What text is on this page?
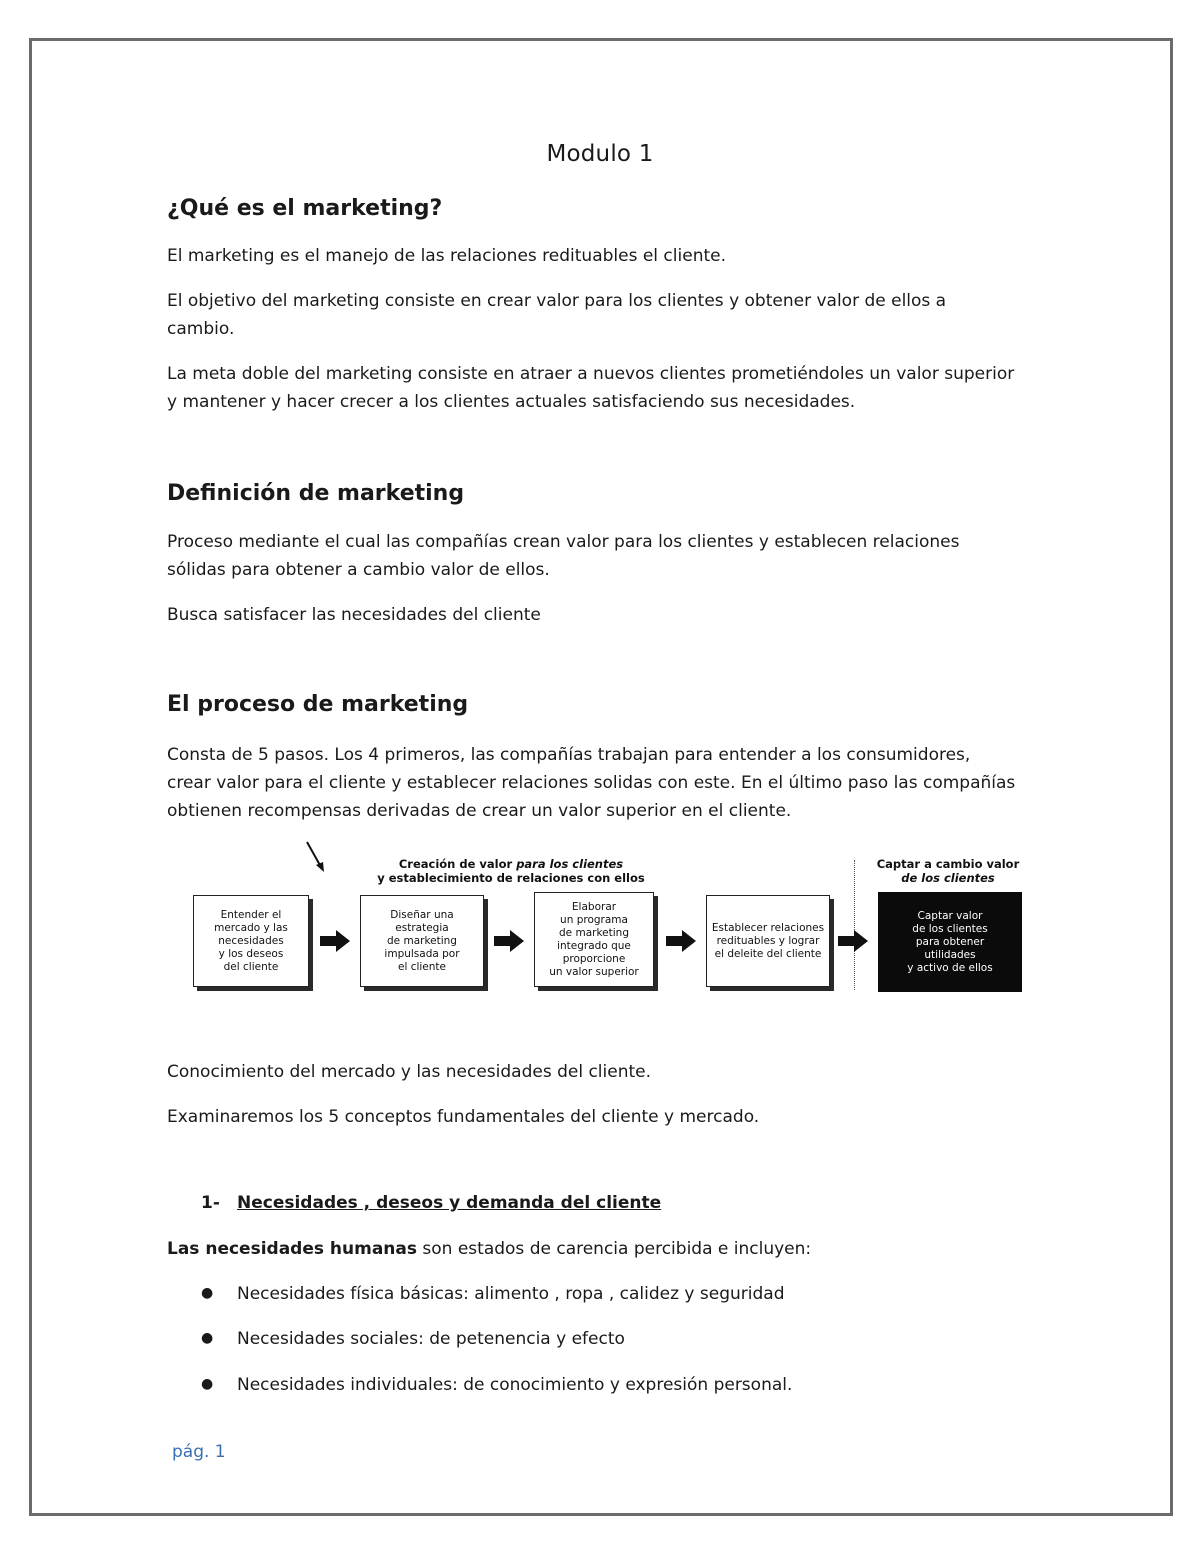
Modulo 1
¿Qué es el marketing?
El marketing es el manejo de las relaciones redituables el cliente.
El objetivo del marketing consiste en crear valor para los clientes y obtener valor de ellos a
cambio.
La meta doble del marketing consiste en atraer a nuevos clientes prometiéndoles un valor superior
y mantener y hacer crecer a los clientes actuales satisfaciendo sus necesidades.
Definición de marketing
Proceso mediante el cual las compañías crean valor para los clientes y establecen relaciones
sólidas para obtener a cambio valor de ellos.
Busca satisfacer las necesidades del cliente
El proceso de marketing
Consta de 5 pasos. Los 4 primeros, las compañías trabajan para entender a los consumidores,
crear valor para el cliente y establecer relaciones solidas con este. En el último paso las compañías
obtienen recompensas derivadas de crear un valor superior en el cliente.
Conocimiento del mercado y las necesidades del cliente.
Examinaremos los 5 conceptos fundamentales del cliente y mercado.
1- Necesidades , deseos y demanda del cliente
Las necesidades humanas son estados de carencia percibida e incluyen:
● Necesidades física básicas: alimento , ropa , calidez y seguridad
● Necesidades sociales: de petenencia y efecto
● Necesidades individuales: de conocimiento y expresión personal.
Creación de valor para los clientes
y establecimiento de relaciones con ellos
Captar a cambio valor
de los clientes
Entender el
mercado y las
necesidades
y los deseos
del cliente
Diseñar una
estrategia
de marketing
impulsada por
el cliente
Elaborar
un programa
de marketing
integrado que
proporcione
un valor superior
Establecer relaciones
redituables y lograr
el deleite del cliente
Captar valor
de los clientes
para obtener
utilidades
y activo de ellos
pág. 1
